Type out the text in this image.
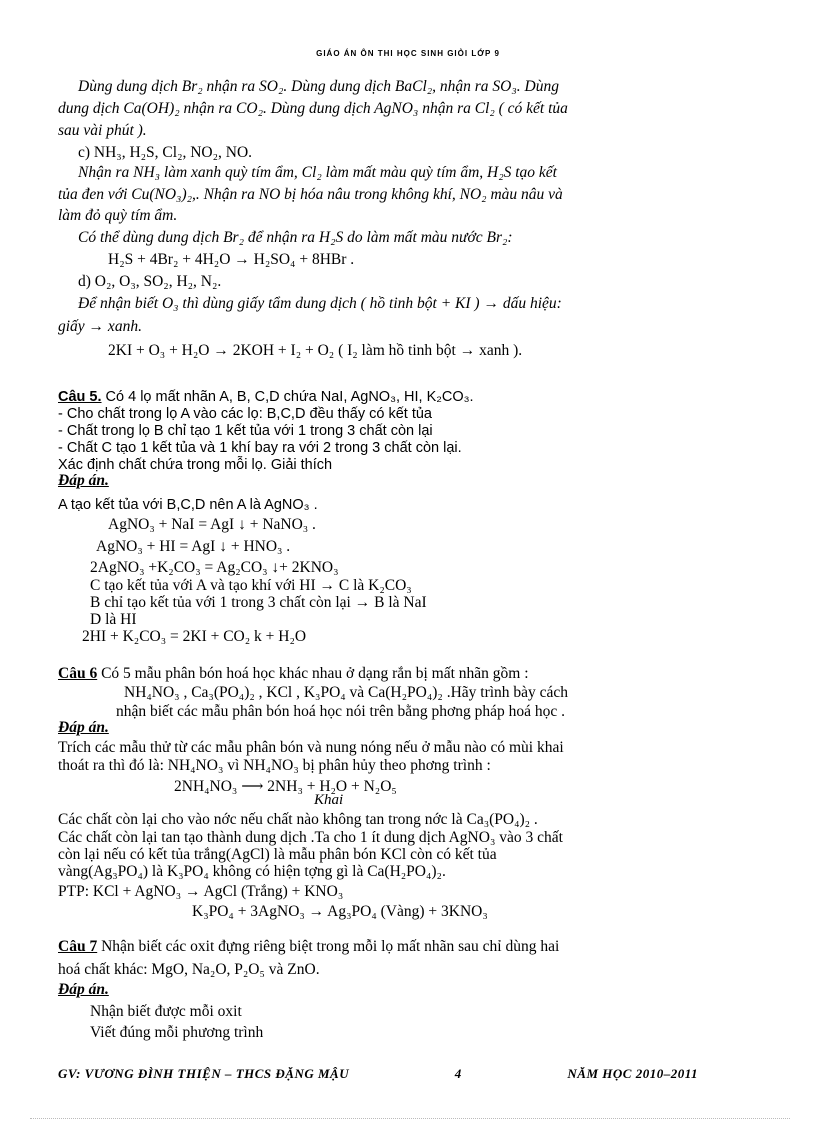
GIÁO ÁN ÔN THI HỌC SINH GIỎI LỚP 9
Dùng dung dịch Br₂ nhận ra SO₂. Dùng dung dịch BaCl₂, nhận ra SO₃. Dùng
dung dịch Ca(OH)₂ nhận ra CO₂. Dùng dung dịch AgNO₃ nhận ra Cl₂ ( có kết tủa
sau vài phút ).
c) NH₃, H₂S, Cl₂, NO₂, NO.
Nhận ra NH₃ làm xanh quỳ tím ẩm, Cl₂ làm mất màu quỳ tím ẩm, H₂S tạo kết
tủa đen với Cu(NO₃)₂,. Nhận ra NO bị hóa nâu trong không khí, NO₂ màu nâu và
làm đỏ quỳ tím ẩm.
Có thể dùng dung dịch Br₂ để nhận ra H₂S do làm mất màu nước Br₂:
H₂S + 4Br₂ + 4H₂O → H₂SO₄ + 8HBr .
d) O₂, O₃, SO₂, H₂, N₂.
Để nhận biết O₃ thì dùng giấy tẩm dung dịch ( hồ tinh bột + KI ) → dấu hiệu:
giấy → xanh.
2KI + O₃ + H₂O → 2KOH + I₂ + O₂ ( I₂ làm hồ tinh bột → xanh ).
Câu 5. Có 4 lọ mất nhãn A, B, C,D chứa NaI, AgNO₃, HI, K₂CO₃.
- Cho chất trong lọ A vào các lọ: B,C,D đều thấy có kết tủa
- Chất trong lọ B chỉ tạo 1 kết tủa với 1 trong 3 chất còn lại
- Chất C tạo 1 kết tủa và 1 khí bay ra với 2 trong 3 chất còn lại.
Xác định chất chứa trong mỗi lọ. Giải thích
Đáp án.
A tạo kết tủa với B,C,D nên A là AgNO₃ .
AgNO₃ + NaI = AgI ↓ + NaNO₃ .
AgNO₃ + HI = AgI ↓ + HNO₃ .
2AgNO₃ +K₂CO₃ = Ag₂CO₃ ↓+ 2KNO₃
C tạo kết tủa với A và tạo khí với HI → C là K₂CO₃
B chỉ tạo kết tủa với 1 trong 3 chất còn lại → B là NaI
D là HI
2HI + K₂CO₃ = 2KI + CO₂ k + H₂O
Câu 6 Có 5 mẫu phân bón hoá học khác nhau ở dạng rắn bị mất nhãn gồm :
NH₄NO₃ , Ca₃(PO₄)₂ , KCl , K₃PO₄ và Ca(H₂PO₄)₂ .Hãy trình bày cách
nhận biết các mẫu phân bón hoá học nói trên bằng phơng pháp hoá học .
Đáp án.
Trích các mẫu thử từ các mẫu phân bón và nung nóng nếu ở mẫu nào có mùi khai
thoát ra thì đó là: NH₄NO₃ vì NH₄NO₃ bị phân hủy theo phơng trình :
2NH₄NO₃ ⟶ 2NH₃ + H₂O + N₂O₅
Khai
Các chất còn lại cho vào nớc nếu chất nào không tan trong nớc là Ca₃(PO₄)₂ .
Các chất còn lại tan tạo thành dung dịch .Ta cho 1 ít dung dịch AgNO₃ vào 3 chất
còn lại nếu có kết tủa trắng(AgCl) là mẫu phân bón KCl còn có kết tủa
vàng(Ag₃PO₄) là K₃PO₄ không có hiện tợng gì là Ca(H₂PO₄)₂.
PTP: KCl + AgNO₃ → AgCl (Trắng) + KNO₃
K₃PO₄ + 3AgNO₃ → Ag₃PO₄ (Vàng) + 3KNO₃
Câu 7 Nhận biết các oxit đựng riêng biệt trong mỗi lọ mất nhãn sau chỉ dùng hai
hoá chất khác: MgO, Na₂O, P₂O₅ và ZnO.
Đáp án.
Nhận biết được mỗi oxit
Viết đúng mỗi phương trình
GV: VƯƠNG ĐÌNH THIỆN – THCS ĐẶNG MẬU	4	NĂM HỌC 2010–2011
